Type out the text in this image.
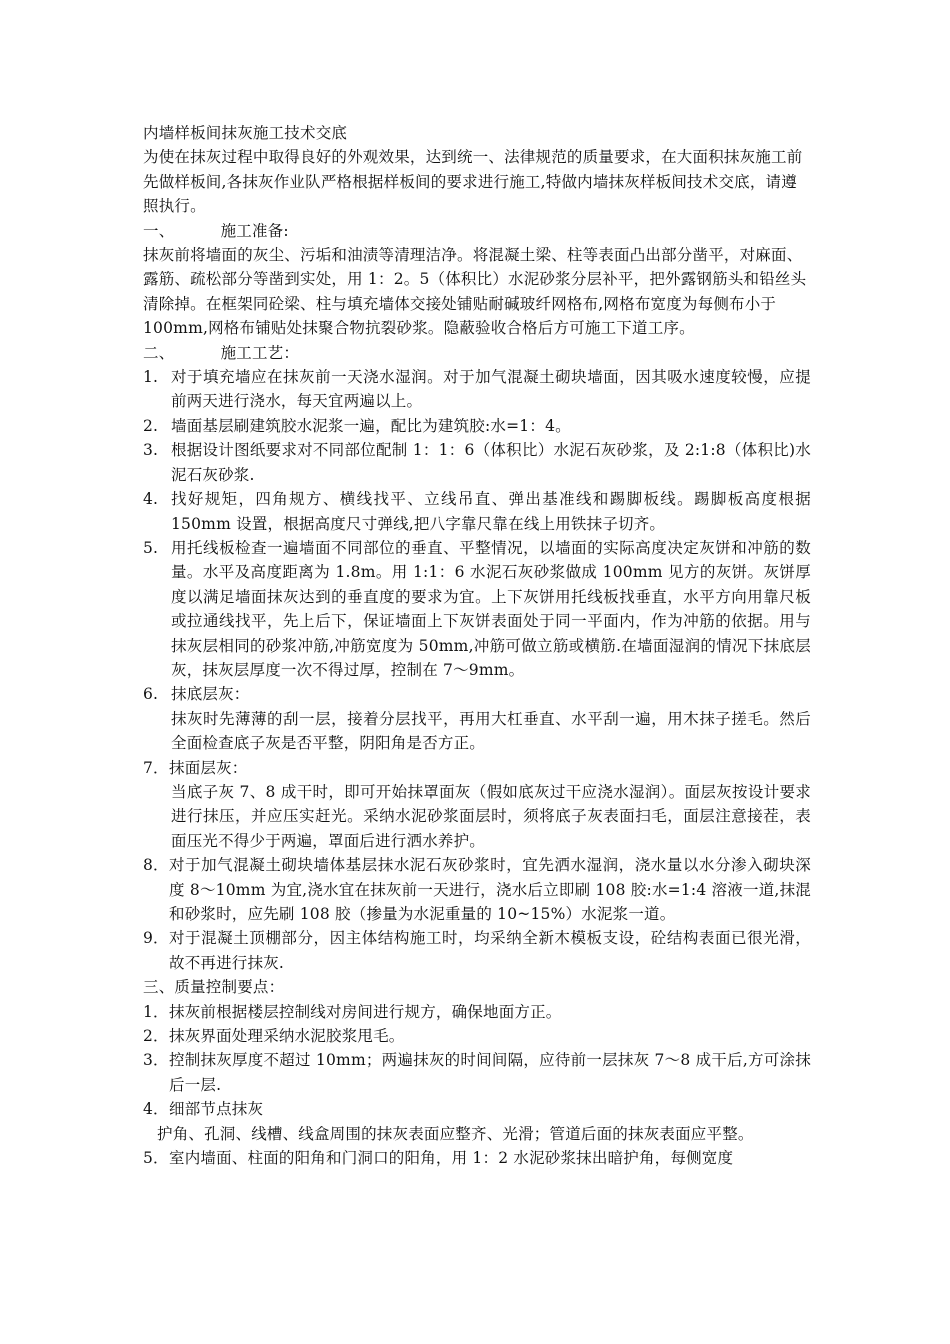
内墙样板间抹灰施工技术交底

为使在抹灰过程中取得良好的外观效果，达到统一、法律规范的质量要求，在大面积抹灰施工前先做样板间,各抹灰作业队严格根据样板间的要求进行施工,特做内墙抹灰样板间技术交底，请遵照执行。

一、	施工准备:

抹灰前将墙面的灰尘、污垢和油渍等清理洁净。将混凝土梁、柱等表面凸出部分凿平，对麻面、露筋、疏松部分等凿到实处，用 1：2。5（体积比）水泥砂浆分层补平，把外露钢筋头和铅丝头清除掉。在框架同砼梁、柱与填充墙体交接处铺贴耐碱玻纤网格布,网格布宽度为每侧布小于 100mm,网格布铺贴处抹聚合物抗裂砂浆。隐蔽验收合格后方可施工下道工序。

二、	施工工艺：

1. 对于填充墙应在抹灰前一天浇水湿润。对于加气混凝土砌块墙面，因其吸水速度较慢，应提前两天进行浇水，每天宜两遍以上。
2. 墙面基层刷建筑胶水泥浆一遍，配比为建筑胶:水=1：4。
3. 根据设计图纸要求对不同部位配制 1：1：6（体积比）水泥石灰砂浆，及 2:1:8（体积比)水泥石灰砂浆.
4. 找好规矩，四角规方、横线找平、立线吊直、弹出基准线和踢脚板线。踢脚板高度根据 150mm 设置，根据高度尺寸弹线,把八字靠尺靠在线上用铁抹子切齐。
5. 用托线板检查一遍墙面不同部位的垂直、平整情况，以墙面的实际高度决定灰饼和冲筋的数量。水平及高度距离为 1.8m。用 1:1：6 水泥石灰砂浆做成 100mm 见方的灰饼。灰饼厚度以满足墙面抹灰达到的垂直度的要求为宜。上下灰饼用托线板找垂直，水平方向用靠尺板或拉通线找平，先上后下，保证墙面上下灰饼表面处于同一平面内，作为冲筋的依据。用与抹灰层相同的砂浆冲筋,冲筋宽度为 50mm,冲筋可做立筋或横筋.在墙面湿润的情况下抹底层灰，抹灰层厚度一次不得过厚，控制在 7～9mm。
6. 抹底层灰：

抹灰时先薄薄的刮一层，接着分层找平，再用大杠垂直、水平刮一遍，用木抹子搓毛。然后全面检查底子灰是否平整，阴阳角是否方正。

7． 抹面层灰：

当底子灰 7、8 成干时，即可开始抹罩面灰（假如底灰过干应浇水湿润）。面层灰按设计要求进行抹压，并应压实赶光。采纳水泥砂浆面层时，须将底子灰表面扫毛，面层注意接茬，表面压光不得少于两遍，罩面后进行洒水养护。

8． 对于加气混凝土砌块墙体基层抹水泥石灰砂浆时，宜先洒水湿润，浇水量以水分渗入砌块深度 8～10mm 为宜,浇水宜在抹灰前一天进行，浇水后立即刷 108 胶:水=1:4 溶液一道,抹混和砂浆时，应先刷 108 胶（掺量为水泥重量的 10~15%）水泥浆一道。
9． 对于混凝土顶棚部分，因主体结构施工时，均采纳全新木模板支设，砼结构表面已很光滑，故不再进行抹灰.

三、质量控制要点：

1． 抹灰前根据楼层控制线对房间进行规方，确保地面方正。
2． 抹灰界面处理采纳水泥胶浆甩毛。
3． 控制抹灰厚度不超过 10mm；两遍抹灰的时间间隔，应待前一层抹灰 7～8 成干后,方可涂抹后一层.
4． 细部节点抹灰

护角、孔洞、线槽、线盒周围的抹灰表面应整齐、光滑；管道后面的抹灰表面应平整。

5． 室内墙面、柱面的阳角和门洞口的阳角，用 1：2 水泥砂浆抹出暗护角，每侧宽度
